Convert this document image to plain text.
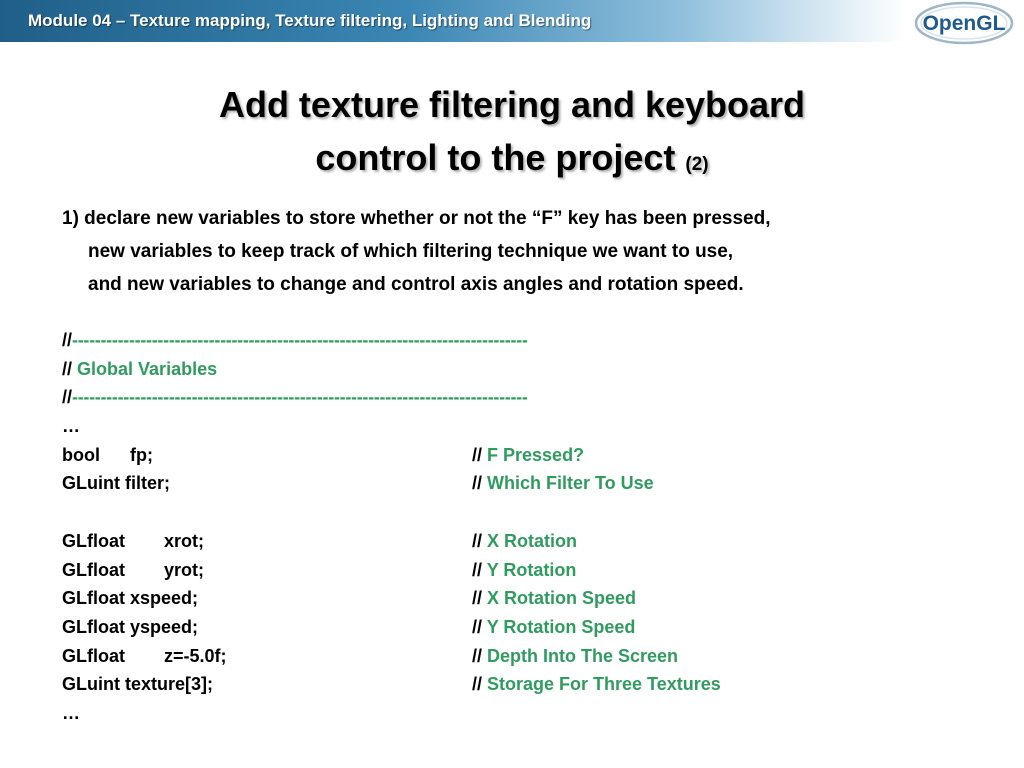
Module 04 – Texture mapping, Texture filtering, Lighting and Blending	OpenGL
Add texture filtering and keyboard
control to the project (2)
1) declare new variables to store whether or not the “F” key has been pressed,
new variables to keep track of which filtering technique we want to use,
and new variables to change and control axis angles and rotation speed.
//--------------------------------------------------------------------------------
// Global Variables
//--------------------------------------------------------------------------------
…
bool fp;	// F Pressed?
GLuint filter;	// Which Filter To Use
GLfloat xrot;	// X Rotation
GLfloat yrot;	// Y Rotation
GLfloat xspeed;	// X Rotation Speed
GLfloat yspeed;	// Y Rotation Speed
GLfloat z=-5.0f;	// Depth Into The Screen
GLuint texture[3];	// Storage For Three Textures
…
